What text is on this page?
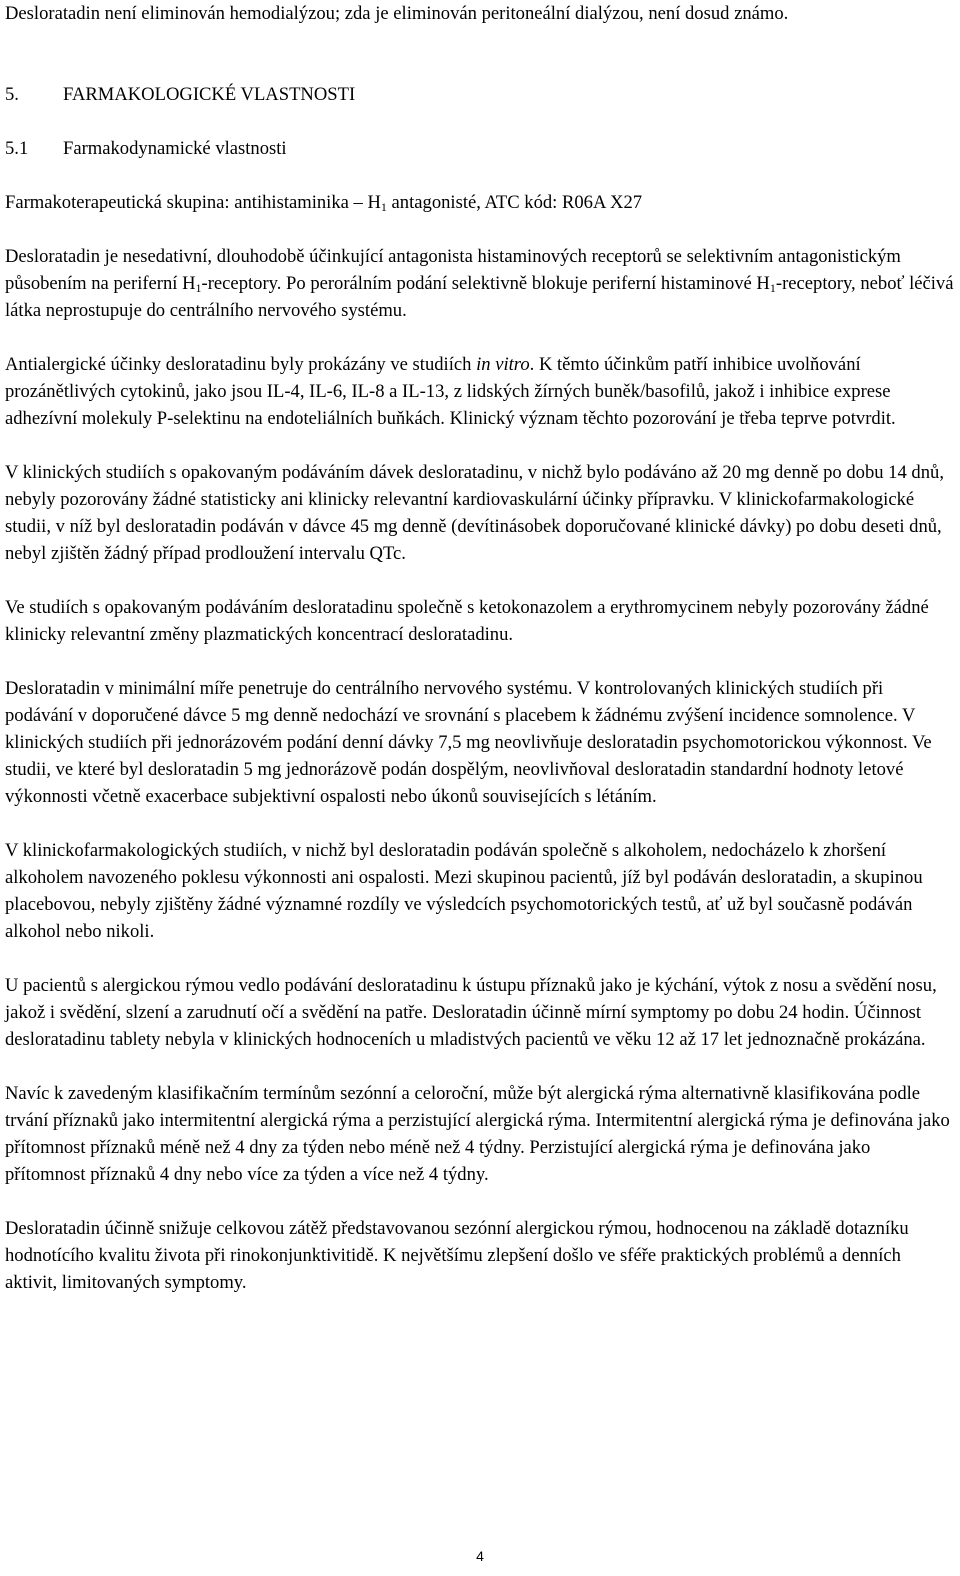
Desloratadin není eliminován hemodialýzou; zda je eliminován peritoneální dialýzou, není dosud známo.

5. FARMAKOLOGICKÉ VLASTNOSTI

5.1 Farmakodynamické vlastnosti

Farmakoterapeutická skupina: antihistaminika – $H_1$ antagonisté, ATC kód: R06A X27

Desloratadin je nesedativní, dlouhodobě účinkující antagonista histaminových receptorů se selektivním antagonistickým působením na periferní $H_1$-receptory. Po perorálním podání selektivně blokuje periferní histaminové $H_1$-receptory, neboť léčivá látka neprostupuje do centrálního nervového systému.

Antialergické účinky desloratadinu byly prokázány ve studiích in vitro. K těmto účinkům patří inhibice uvolňování prozánětlivých cytokinů, jako jsou IL-4, IL-6, IL-8 a IL-13, z lidských žírných buněk/basofilů, jakož i inhibice exprese adhezívní molekuly P-selektinu na endoteliálních buňkách. Klinický význam těchto pozorování je třeba teprve potvrdit.

V klinických studiích s opakovaným podáváním dávek desloratadinu, v nichž bylo podáváno až 20 mg denně po dobu 14 dnů, nebyly pozorovány žádné statisticky ani klinicky relevantní kardiovaskulární účinky přípravku. V klinickofarmakologické studii, v níž byl desloratadin podáván v dávce 45 mg denně (devítinásobek doporučované klinické dávky) po dobu deseti dnů, nebyl zjištěn žádný případ prodloužení intervalu QTc.

Ve studiích s opakovaným podáváním desloratadinu společně s ketokonazolem a erythromycinem nebyly pozorovány žádné klinicky relevantní změny plazmatických koncentrací desloratadinu.

Desloratadin v minimální míře penetruje do centrálního nervového systému. V kontrolovaných klinických studiích při podávání v doporučené dávce 5 mg denně nedochází ve srovnání s placebem k žádnému zvýšení incidence somnolence. V klinických studiích při jednorázovém podání denní dávky 7,5 mg neovlivňuje desloratadin psychomotorickou výkonnost. Ve studii, ve které byl desloratadin 5 mg jednorázově podán dospělým, neovlivňoval desloratadin standardní hodnoty letové výkonnosti včetně exacerbace subjektivní ospalosti nebo úkonů souvisejících s létáním.

V klinickofarmakologických studiích, v nichž byl desloratadin podáván společně s alkoholem, nedocházelo k zhoršení alkoholem navozeného poklesu výkonnosti ani ospalosti. Mezi skupinou pacientů, jíž byl podáván desloratadin, a skupinou placebovou, nebyly zjištěny žádné významné rozdíly ve výsledcích psychomotorických testů, ať už byl současně podáván alkohol nebo nikoli.

U pacientů s alergickou rýmou vedlo podávání desloratadinu k ústupu příznaků jako je kýchání, výtok z nosu a svědění nosu, jakož i svědění, slzení a zarudnutí očí a svědění na patře. Desloratadin účinně mírní symptomy po dobu 24 hodin. Účinnost desloratadinu tablety nebyla v klinických hodnoceních u mladistvých pacientů ve věku 12 až 17 let jednoznačně prokázána.

Navíc k zavedeným klasifikačním termínům sezónní a celoroční, může být alergická rýma alternativně klasifikována podle trvání příznaků jako intermitentní alergická rýma a perzistující alergická rýma. Intermitentní alergická rýma je definována jako přítomnost příznaků méně než 4 dny za týden nebo méně než 4 týdny. Perzistující alergická rýma je definována jako přítomnost příznaků 4 dny nebo více za týden a více než 4 týdny.

Desloratadin účinně snižuje celkovou zátěž představovanou sezónní alergickou rýmou, hodnocenou na základě dotazníku hodnotícího kvalitu života při rinokonjunktivitidě. K největšímu zlepšení došlo ve sféře praktických problémů a denních aktivit, limitovaných symptomy.

4
